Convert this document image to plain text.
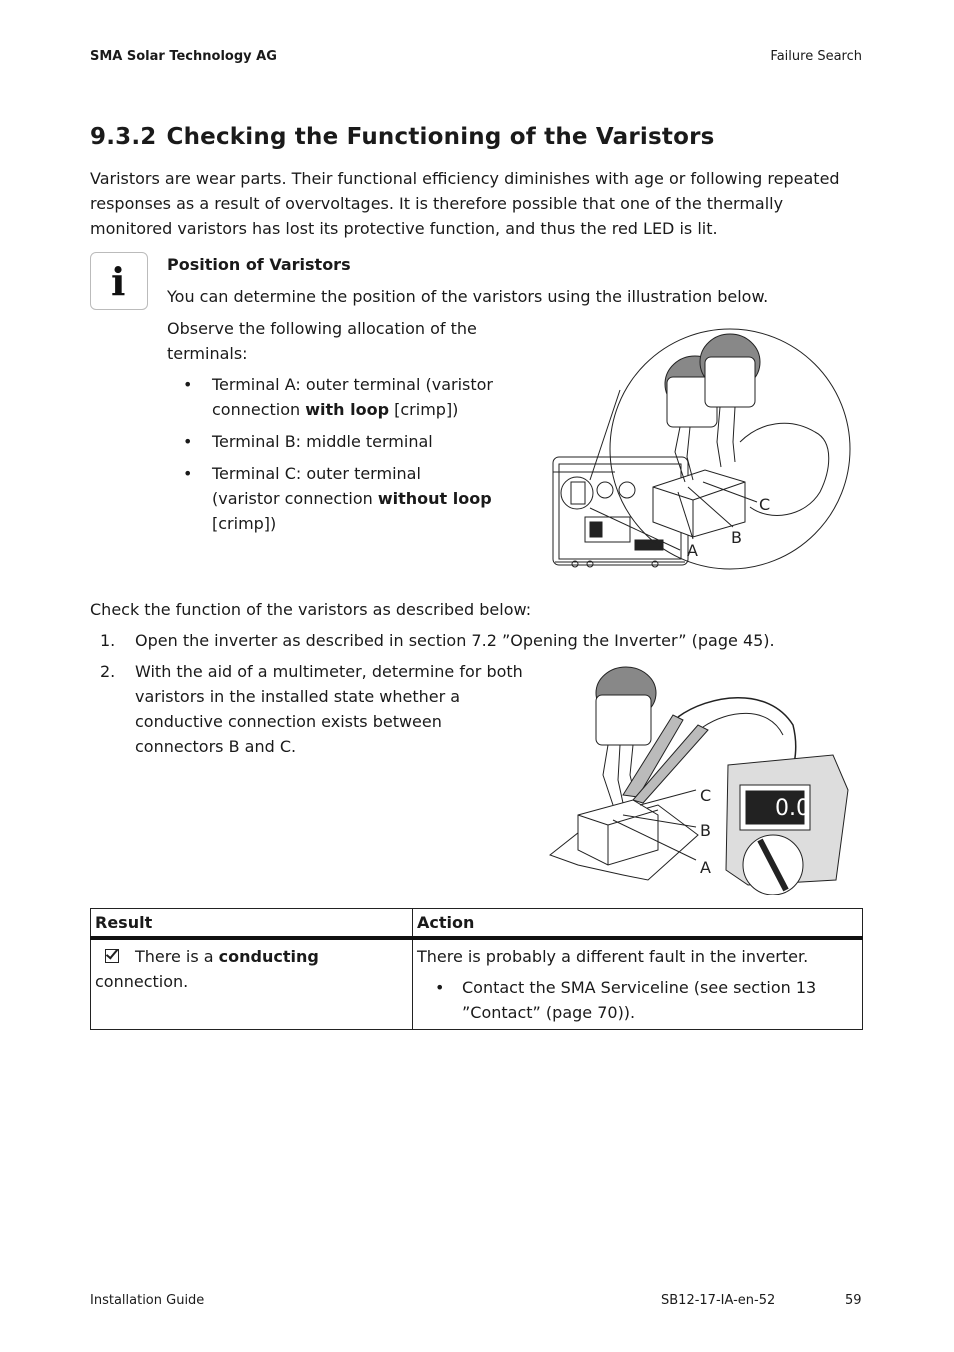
SMA Solar Technology AG	Failure Search
9.3.2 Checking the Functioning of the Varistors
Varistors are wear parts. Their functional efficiency diminishes with age or following repeated responses as a result of overvoltages. It is therefore possible that one of the thermally monitored varistors has lost its protective function, and thus the red LED is lit.
i	Position of Varistors
You can determine the position of the varistors using the illustration below.
Observe the following allocation of the terminals:
• Terminal A: outer terminal (varistor connection with loop [crimp])
• Terminal B: middle terminal
• Terminal C: outer terminal (varistor connection without loop [crimp])
A
B
C
Check the function of the varistors as described below:
1. Open the inverter as described in section 7.2 ”Opening the Inverter” (page 45).
2. With the aid of a multimeter, determine for both varistors in the installed state whether a conductive connection exists between connectors B and C.
0.0
C
B
A
Result	Action
There is a conducting connection.	There is probably a different fault in the inverter.
• Contact the SMA Serviceline (see section 13 ”Contact” (page 70)).
Installation Guide	SB12-17-IA-en-52	59
